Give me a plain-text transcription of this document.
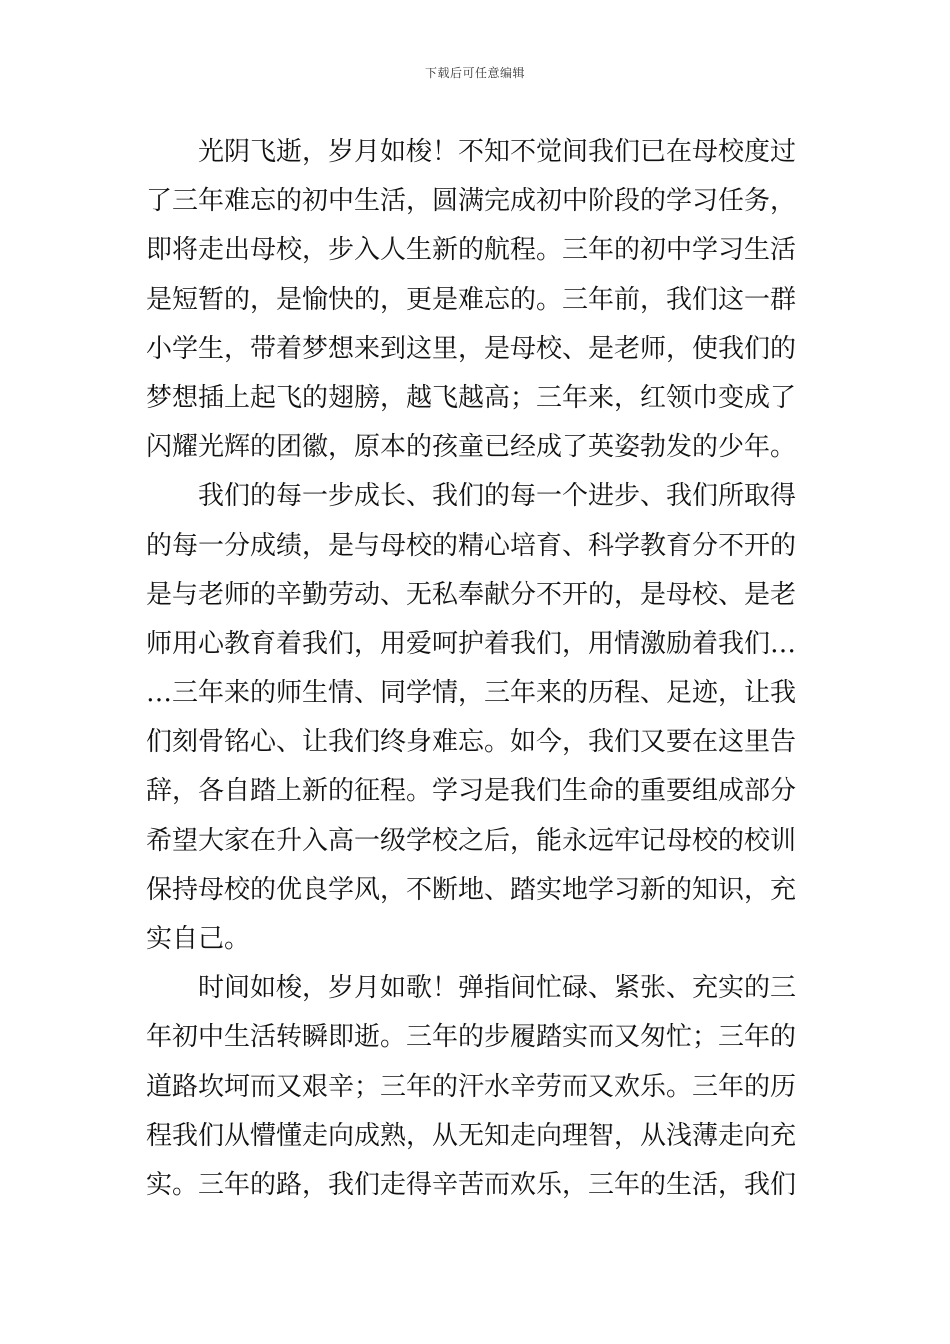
下载后可任意编辑
光阴飞逝，岁月如梭！不知不觉间我们已在母校度过
了三年难忘的初中生活，圆满完成初中阶段的学习任务，
即将走出母校，步入人生新的航程。三年的初中学习生活
是短暂的，是愉快的，更是难忘的。三年前，我们这一群
小学生，带着梦想来到这里，是母校、是老师，使我们的
梦想插上起飞的翅膀，越飞越高；三年来，红领巾变成了
闪耀光辉的团徽，原本的孩童已经成了英姿勃发的少年。
我们的每一步成长、我们的每一个进步、我们所取得
的每一分成绩，是与母校的精心培育、科学教育分不开的
是与老师的辛勤劳动、无私奉献分不开的，是母校、是老
师用心教育着我们，用爱呵护着我们，用情激励着我们…
…三年来的师生情、同学情，三年来的历程、足迹，让我
们刻骨铭心、让我们终身难忘。如今，我们又要在这里告
辞，各自踏上新的征程。学习是我们生命的重要组成部分
希望大家在升入高一级学校之后，能永远牢记母校的校训
保持母校的优良学风，不断地、踏实地学习新的知识，充
实自己。
时间如梭，岁月如歌！弹指间忙碌、紧张、充实的三
年初中生活转瞬即逝。三年的步履踏实而又匆忙；三年的
道路坎坷而又艰辛；三年的汗水辛劳而又欢乐。三年的历
程我们从懵懂走向成熟，从无知走向理智，从浅薄走向充
实。三年的路，我们走得辛苦而欢乐，三年的生活，我们
